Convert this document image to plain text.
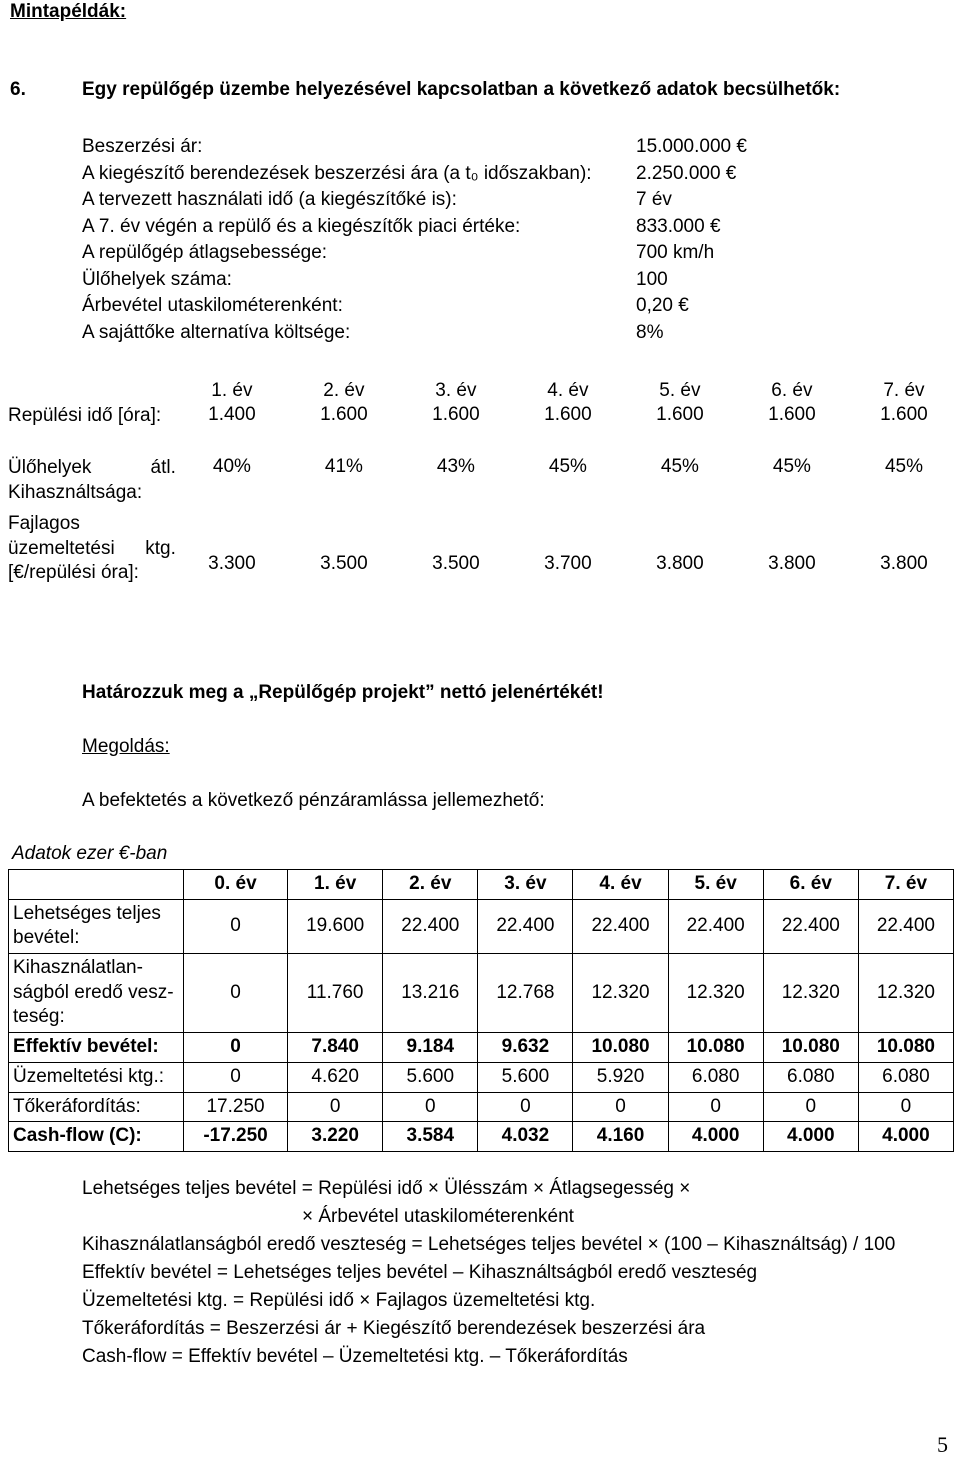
Mintapéldák:
6.	Egy repülőgép üzembe helyezésével kapcsolatban a következő adatok becsülhetők:
Beszerzési ár:	15.000.000 €
A kiegészítő berendezések beszerzési ára (a t₀ időszakban): 2.250.000 €
A tervezett használati idő (a kiegészítőké is):	7 év
A 7. év végén a repülő és a kiegészítők piaci értéke:	833.000 €
A repülőgép átlagsebessége:	700 km/h
Ülőhelyek száma:	100
Árbevétel utaskilométerenként:	0,20 €
A sajáttőke alternatíva költsége:	8%
	1. év	2. év	3. év	4. év	5. év	6. év	7. év
Repülési idő [óra]:	1.400	1.600	1.600	1.600	1.600	1.600	1.600
Ülőhelyek átl. Kihasználtsága:	40%	41%	43%	45%	45%	45%	45%
Fajlagos üzemeltetési ktg. [€/repülési óra]:	3.300	3.500	3.500	3.700	3.800	3.800	3.800
Határozzuk meg a „Repülőgép projekt” nettó jelenértékét!
Megoldás:
A befektetés a következő pénzáramlássa jellemezhető:
Adatok ezer €-ban
	0. év	1. év	2. év	3. év	4. év	5. év	6. év	7. év
Lehetséges teljes bevétel:	0	19.600	22.400	22.400	22.400	22.400	22.400	22.400
Kihasználatlan-ságból eredő vesz-teség:	0	11.760	13.216	12.768	12.320	12.320	12.320	12.320
Effektív bevétel:	0	7.840	9.184	9.632	10.080	10.080	10.080	10.080
Üzemeltetési ktg.:	0	4.620	5.600	5.600	5.920	6.080	6.080	6.080
Tőkeráfordítás:	17.250	0	0	0	0	0	0	0
Cash-flow (C):	-17.250	3.220	3.584	4.032	4.160	4.000	4.000	4.000
Lehetséges teljes bevétel = Repülési idő × Ülésszám × Átlagsegesség ×
× Árbevétel utaskilométerenként
Kihasználatlanságból eredő veszteség = Lehetséges teljes bevétel × (100 – Kihasználtság) / 100
Effektív bevétel = Lehetséges teljes bevétel – Kihasználtságból eredő veszteség
Üzemeltetési ktg. = Repülési idő × Fajlagos üzemeltetési ktg.
Tőkeráfordítás = Beszerzési ár + Kiegészítő berendezések beszerzési ára
Cash-flow = Effektív bevétel – Üzemeltetési ktg. – Tőkeráfordítás
5
